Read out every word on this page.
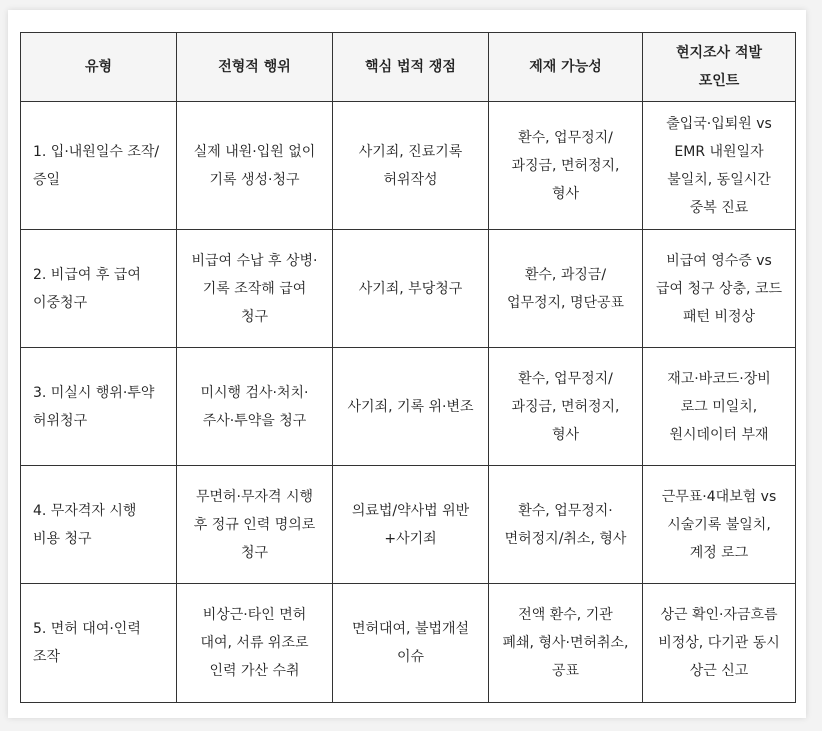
유형	전형적 행위	핵심 법적 쟁점	제재 가능성	현지조사 적발 포인트
1. 입·내원일수 조작/증일	실제 내원·입원 없이 기록 생성·청구	사기죄, 진료기록 허위작성	환수, 업무정지/과징금, 면허정지, 형사	출입국·입퇴원 vs EMR 내원일자 불일치, 동일시간 중복 진료
2. 비급여 후 급여 이중청구	비급여 수납 후 상병·기록 조작해 급여 청구	사기죄, 부당청구	환수, 과징금/업무정지, 명단공표	비급여 영수증 vs 급여 청구 상충, 코드 패턴 비정상
3. 미실시 행위·투약 허위청구	미시행 검사·처치·주사·투약을 청구	사기죄, 기록 위·변조	환수, 업무정지/과징금, 면허정지, 형사	재고·바코드·장비 로그 미일치, 원시데이터 부재
4. 무자격자 시행 비용 청구	무면허·무자격 시행 후 정규 인력 명의로 청구	의료법/약사법 위반 +사기죄	환수, 업무정지·면허정지/취소, 형사	근무표·4대보험 vs 시술기록 불일치, 계정 로그
5. 면허 대여·인력 조작	비상근·타인 면허 대여, 서류 위조로 인력 가산 수취	면허대여, 불법개설 이슈	전액 환수, 기관 폐쇄, 형사·면허취소, 공표	상근 확인·자금흐름 비정상, 다기관 동시 상근 신고
